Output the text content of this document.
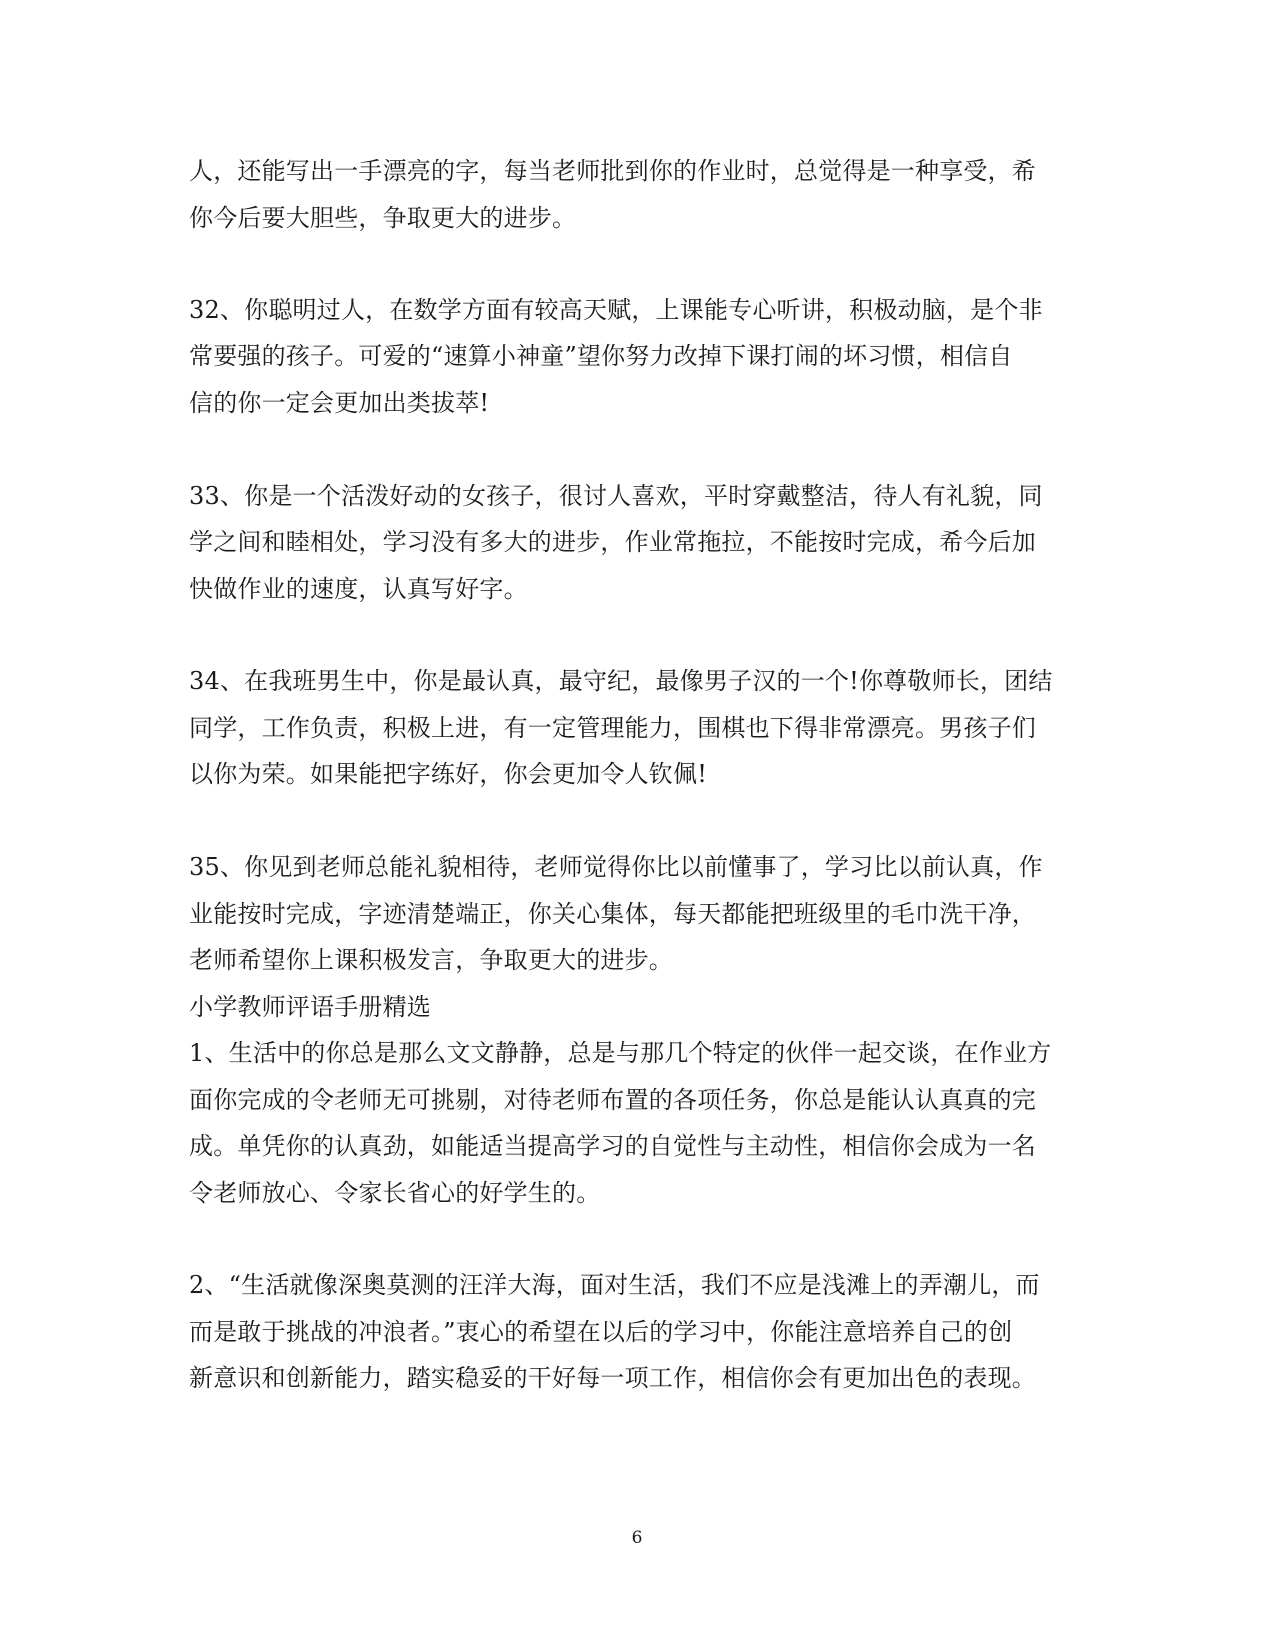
人，还能写出一手漂亮的字，每当老师批到你的作业时，总觉得是一种享受，希
你今后要大胆些，争取更大的进步。
32、你聪明过人，在数学方面有较高天赋，上课能专心听讲，积极动脑，是个非
常要强的孩子。可爱的“速算小神童”望你努力改掉下课打闹的坏习惯，相信自
信的你一定会更加出类拔萃!
33、你是一个活泼好动的女孩子，很讨人喜欢，平时穿戴整洁，待人有礼貌，同
学之间和睦相处，学习没有多大的进步，作业常拖拉，不能按时完成，希今后加
快做作业的速度，认真写好字。
34、在我班男生中，你是最认真，最守纪，最像男子汉的一个!你尊敬师长，团结
同学，工作负责，积极上进，有一定管理能力，围棋也下得非常漂亮。男孩子们
以你为荣。如果能把字练好，你会更加令人钦佩!
35、你见到老师总能礼貌相待，老师觉得你比以前懂事了，学习比以前认真，作
业能按时完成，字迹清楚端正，你关心集体，每天都能把班级里的毛巾洗干净，
老师希望你上课积极发言，争取更大的进步。
小学教师评语手册精选
1、生活中的你总是那么文文静静，总是与那几个特定的伙伴一起交谈，在作业方
面你完成的令老师无可挑剔，对待老师布置的各项任务，你总是能认认真真的完
成。单凭你的认真劲，如能适当提高学习的自觉性与主动性，相信你会成为一名
令老师放心、令家长省心的好学生的。
2、“生活就像深奥莫测的汪洋大海，面对生活，我们不应是浅滩上的弄潮儿，而
而是敢于挑战的冲浪者。”衷心的希望在以后的学习中，你能注意培养自己的创
新意识和创新能力，踏实稳妥的干好每一项工作，相信你会有更加出色的表现。
6
